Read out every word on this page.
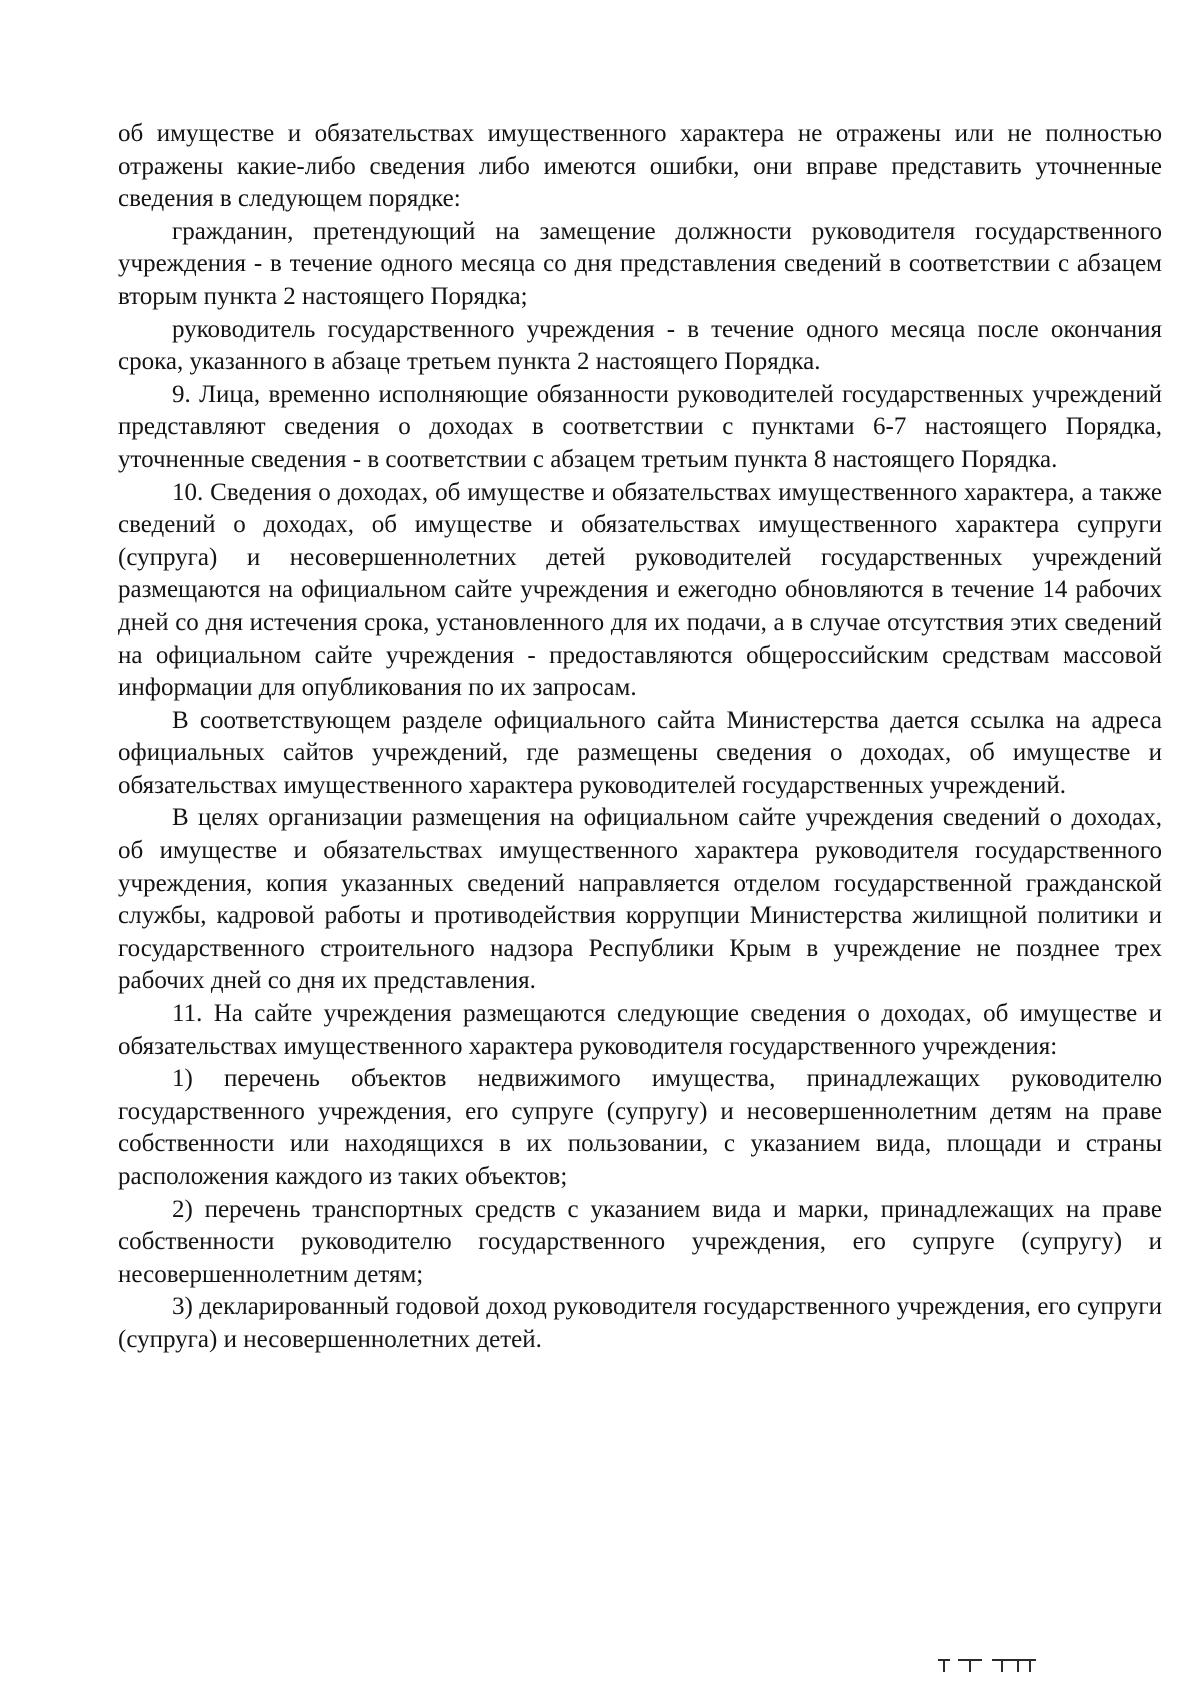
об имуществе и обязательствах имущественного характера не отражены или не полностью отражены какие-либо сведения либо имеются ошибки, они вправе представить уточненные сведения в следующем порядке:

гражданин, претендующий на замещение должности руководителя государственного учреждения - в течение одного месяца со дня представления сведений в соответствии с абзацем вторым пункта 2 настоящего Порядка;

руководитель государственного учреждения - в течение одного месяца после окончания срока, указанного в абзаце третьем пункта 2 настоящего Порядка.

9. Лица, временно исполняющие обязанности руководителей государственных учреждений представляют сведения о доходах в соответствии с пунктами 6-7 настоящего Порядка, уточненные сведения - в соответствии с абзацем третьим пункта 8 настоящего Порядка.

10. Сведения о доходах, об имуществе и обязательствах имущественного характера, а также сведений о доходах, об имуществе и обязательствах имущественного характера супруги (супруга) и несовершеннолетних детей руководителей государственных учреждений размещаются на официальном сайте учреждения и ежегодно обновляются в течение 14 рабочих дней со дня истечения срока, установленного для их подачи, а в случае отсутствия этих сведений на официальном сайте учреждения - предоставляются общероссийским средствам массовой информации для опубликования по их запросам.

В соответствующем разделе официального сайта Министерства дается ссылка на адреса официальных сайтов учреждений, где размещены сведения о доходах, об имуществе и обязательствах имущественного характера руководителей государственных учреждений.

В целях организации размещения на официальном сайте учреждения сведений о доходах, об имуществе и обязательствах имущественного характера руководителя государственного учреждения, копия указанных сведений направляется отделом государственной гражданской службы, кадровой работы и противодействия коррупции Министерства жилищной политики и государственного строительного надзора Республики Крым в учреждение не позднее трех рабочих дней со дня их представления.

11. На сайте учреждения размещаются следующие сведения о доходах, об имуществе и обязательствах имущественного характера руководителя государственного учреждения:

1) перечень объектов недвижимого имущества, принадлежащих руководителю государственного учреждения, его супруге (супругу) и несовершеннолетним детям на праве собственности или находящихся в их пользовании, с указанием вида, площади и страны расположения каждого из таких объектов;

2) перечень транспортных средств с указанием вида и марки, принадлежащих на праве собственности руководителю государственного учреждения, его супруге (супругу) и несовершеннолетним детям;

3) декларированный годовой доход руководителя государственного учреждения, его супруги (супруга) и несовершеннолетних детей.
